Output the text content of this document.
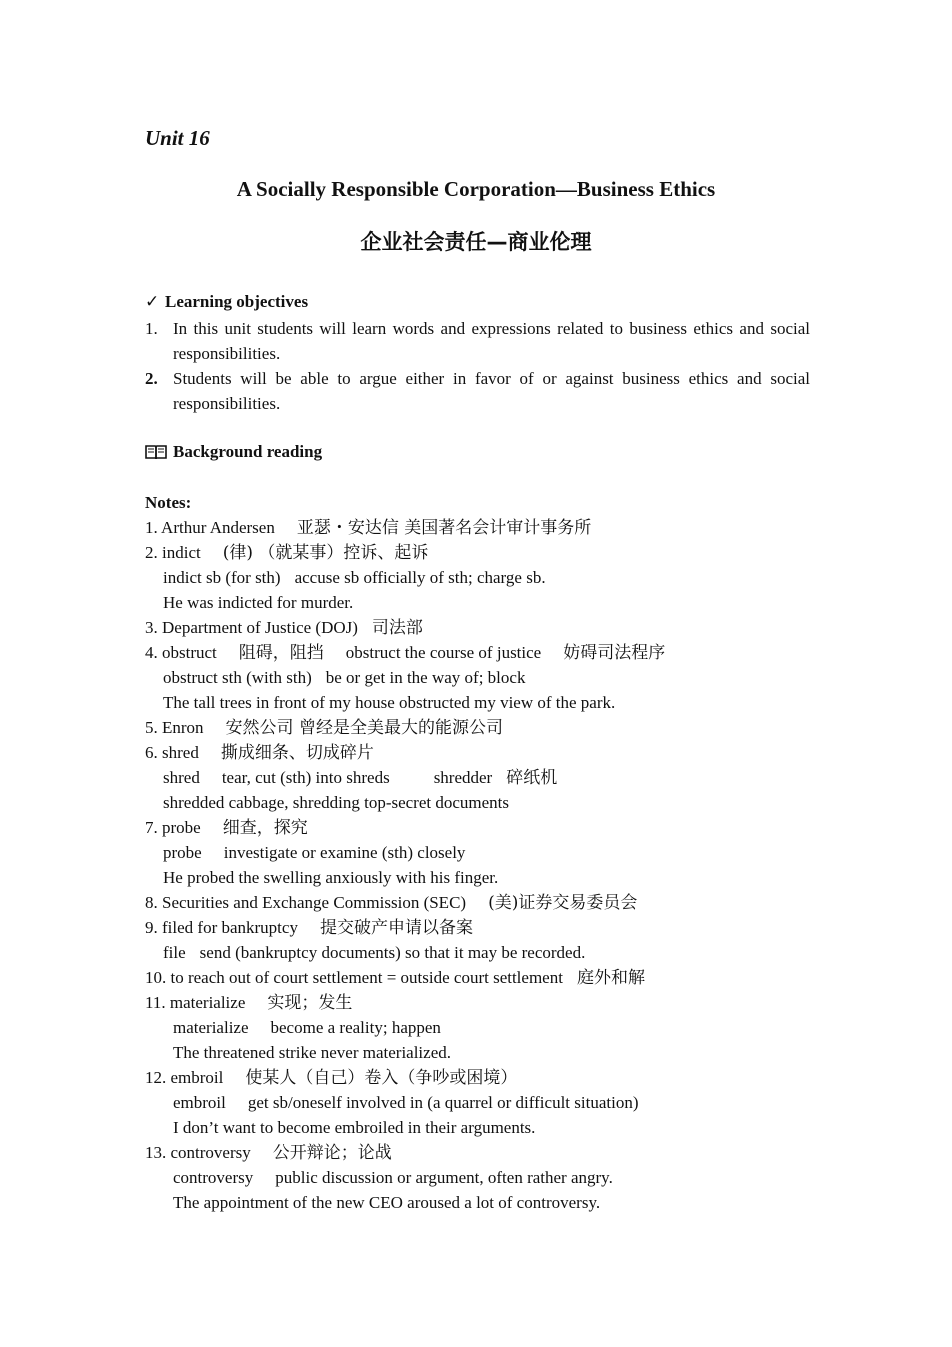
Unit 16
A Socially Responsible Corporation—Business Ethics
企业社会责任—商业伦理
✓ Learning objectives
1. In this unit students will learn words and expressions related to business ethics and social responsibilities.
2. Students will be able to argue either in favor of or against business ethics and social responsibilities.
Background reading
Notes:
1. Arthur Andersen 亚瑟・安达信 美国著名会计审计事务所
2. indict (律) （就某事）控诉、起诉
indict sb (for sth) accuse sb officially of sth; charge sb.
He was indicted for murder.
3. Department of Justice (DOJ) 司法部
4. obstruct 阻碍，阻挡 obstruct the course of justice 妨碍司法程序
obstruct sth (with sth) be or get in the way of; block
The tall trees in front of my house obstructed my view of the park.
5. Enron 安然公司 曾经是全美最大的能源公司
6. shred 撕成细条、切成碎片
shred tear, cut (sth) into shreds	shredder 碎纸机
shredded cabbage, shredding top-secret documents
7. probe 细查，探究
probe investigate or examine (sth) closely
He probed the swelling anxiously with his finger.
8. Securities and Exchange Commission (SEC) (美)证券交易委员会
9. filed for bankruptcy 提交破产申请以备案
file send (bankruptcy documents) so that it may be recorded.
10. to reach out of court settlement = outside court settlement 庭外和解
11. materialize 实现；发生
materialize become a reality; happen
The threatened strike never materialized.
12. embroil 使某人（自己）卷入（争吵或困境）
embroil get sb/oneself involved in (a quarrel or difficult situation)
I don’t want to become embroiled in their arguments.
13. controversy 公开辩论；论战
controversy public discussion or argument, often rather angry.
The appointment of the new CEO aroused a lot of controversy.
